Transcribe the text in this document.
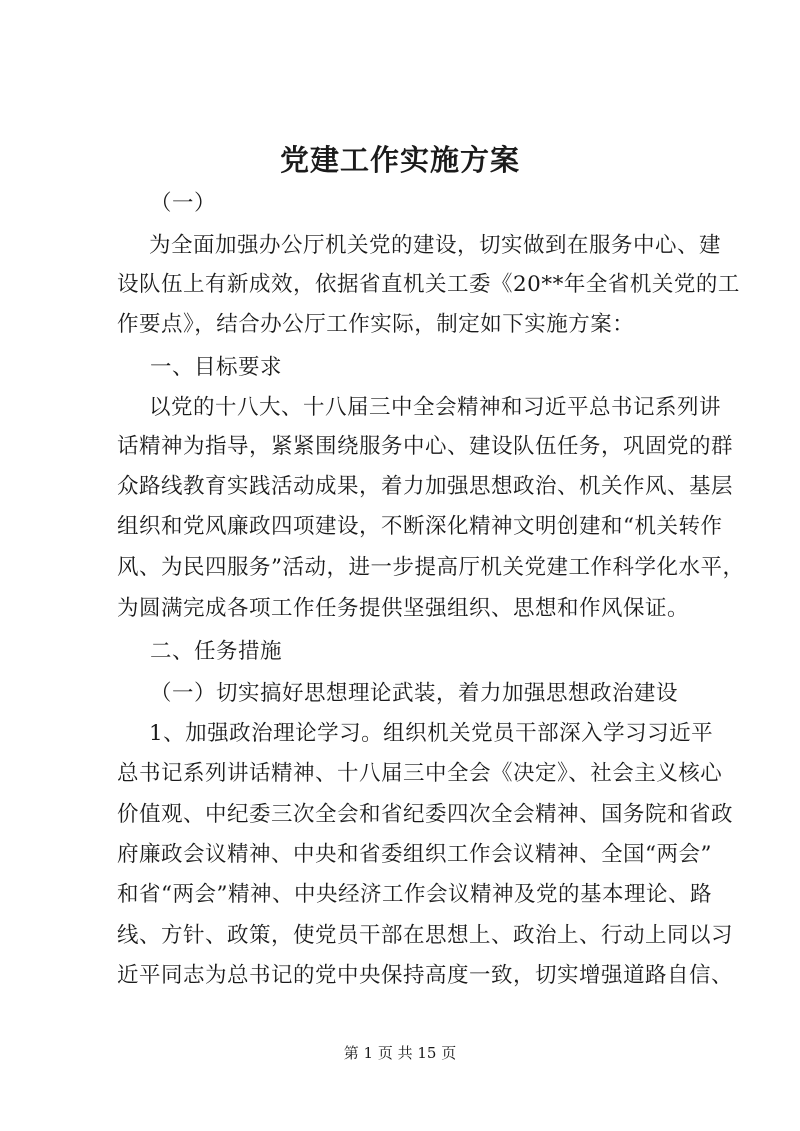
党建工作实施方案
（一）
为全面加强办公厅机关党的建设，切实做到在服务中心、建
设队伍上有新成效，依据省直机关工委《20**年全省机关党的工
作要点》，结合办公厅工作实际，制定如下实施方案：
一、目标要求
以党的十八大、十八届三中全会精神和习近平总书记系列讲
话精神为指导，紧紧围绕服务中心、建设队伍任务，巩固党的群
众路线教育实践活动成果，着力加强思想政治、机关作风、基层
组织和党风廉政四项建设，不断深化精神文明创建和“机关转作
风、为民四服务”活动，进一步提高厅机关党建工作科学化水平，
为圆满完成各项工作任务提供坚强组织、思想和作风保证。
二、任务措施
（一）切实搞好思想理论武装，着力加强思想政治建设
1、加强政治理论学习。组织机关党员干部深入学习习近平
总书记系列讲话精神、十八届三中全会《决定》、社会主义核心
价值观、中纪委三次全会和省纪委四次全会精神、国务院和省政
府廉政会议精神、中央和省委组织工作会议精神、全国“两会”
和省“两会”精神、中央经济工作会议精神及党的基本理论、路
线、方针、政策，使党员干部在思想上、政治上、行动上同以习
近平同志为总书记的党中央保持高度一致，切实增强道路自信、
第 1 页 共 15 页
